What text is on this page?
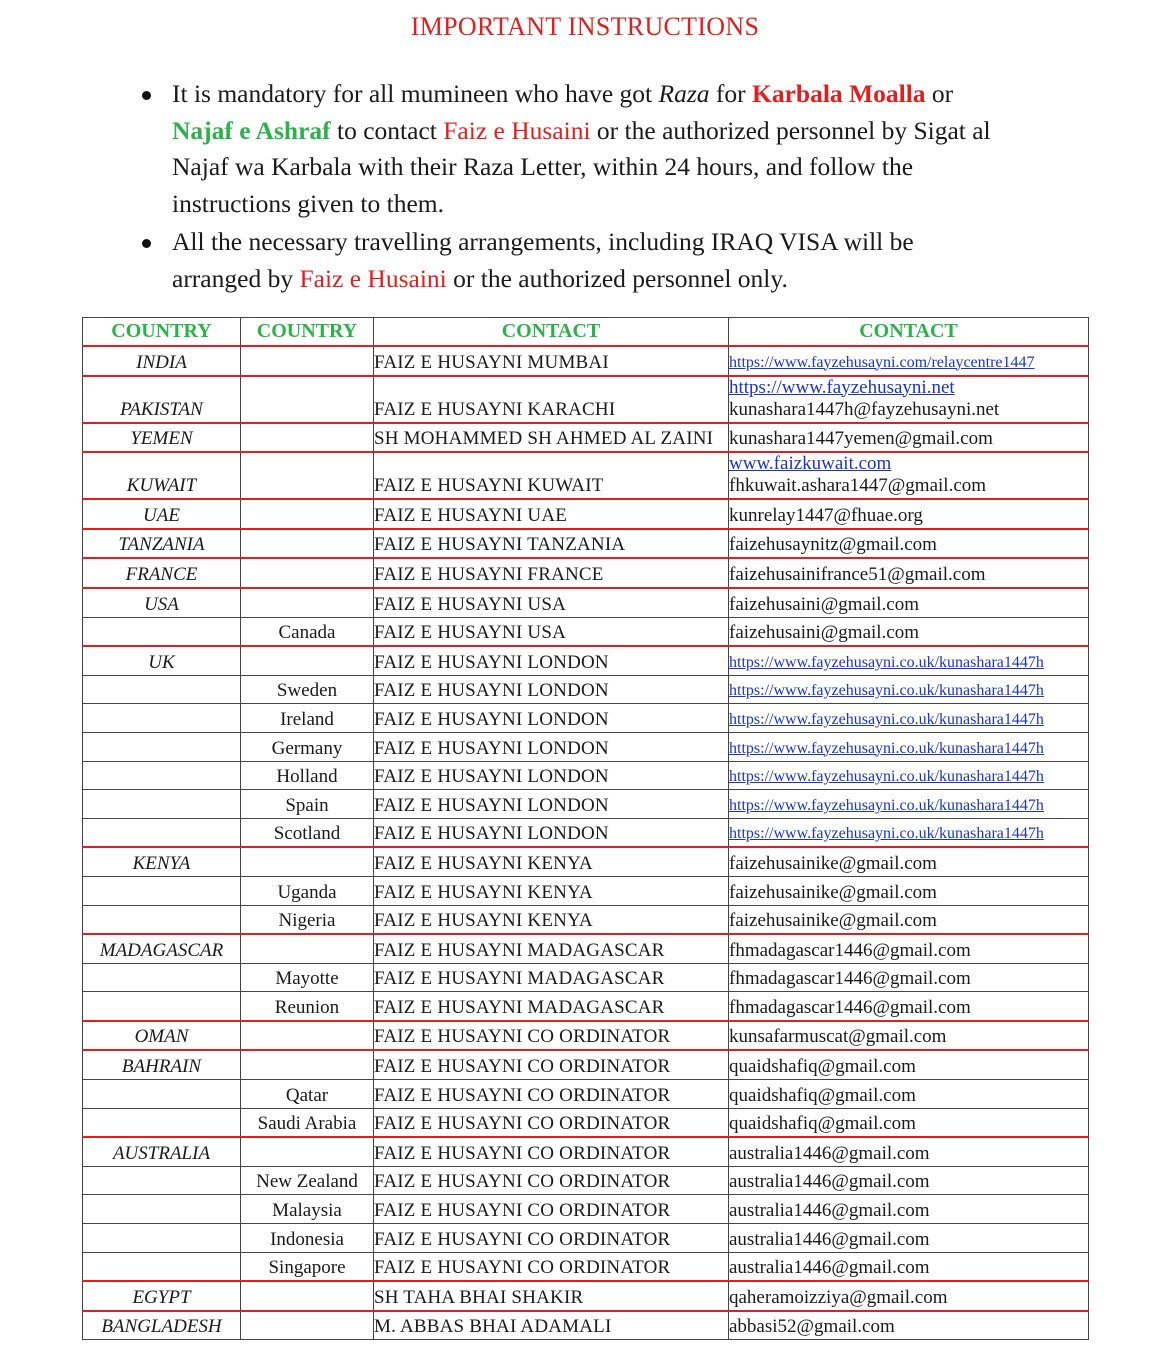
IMPORTANT INSTRUCTIONS
It is mandatory for all mumineen who have got Raza for Karbala Moalla or Najaf e Ashraf to contact Faiz e Husaini or the authorized personnel by Sigat al Najaf wa Karbala with their Raza Letter, within 24 hours, and follow the instructions given to them.
All the necessary travelling arrangements, including IRAQ VISA will be arranged by Faiz e Husaini or the authorized personnel only.
COUNTRY	COUNTRY	CONTACT	CONTACT
INDIA		FAIZ E HUSAYNI MUMBAI	https://www.fayzehusayni.com/relaycentre1447

PAKISTAN		FAIZ E HUSAYNI KARACHI	https://www.fayzehusayni.net
kunashara1447h@fayzehusayni.net

YEMEN		SH MOHAMMED SH AHMED AL ZAINI	kunashara1447yemen@gmail.com

KUWAIT		FAIZ E HUSAYNI KUWAIT	www.faizkuwait.com
fhkuwait.ashara1447@gmail.com

UAE		FAIZ E HUSAYNI UAE	kunrelay1447@fhuae.org

TANZANIA		FAIZ E HUSAYNI TANZANIA	faizehusaynitz@gmail.com

FRANCE		FAIZ E HUSAYNI FRANCE	faizehusainifrance51@gmail.com

USA		FAIZ E HUSAYNI USA	faizehusaini@gmail.com

	Canada	FAIZ E HUSAYNI USA	faizehusaini@gmail.com

UK		FAIZ E HUSAYNI LONDON	https://www.fayzehusayni.co.uk/kunashara1447h

	Sweden	FAIZ E HUSAYNI LONDON	https://www.fayzehusayni.co.uk/kunashara1447h

	Ireland	FAIZ E HUSAYNI LONDON	https://www.fayzehusayni.co.uk/kunashara1447h

	Germany	FAIZ E HUSAYNI LONDON	https://www.fayzehusayni.co.uk/kunashara1447h

	Holland	FAIZ E HUSAYNI LONDON	https://www.fayzehusayni.co.uk/kunashara1447h

	Spain	FAIZ E HUSAYNI LONDON	https://www.fayzehusayni.co.uk/kunashara1447h

	Scotland	FAIZ E HUSAYNI LONDON	https://www.fayzehusayni.co.uk/kunashara1447h

KENYA		FAIZ E HUSAYNI KENYA	faizehusainike@gmail.com

	Uganda	FAIZ E HUSAYNI KENYA	faizehusainike@gmail.com

	Nigeria	FAIZ E HUSAYNI KENYA	faizehusainike@gmail.com

MADAGASCAR		FAIZ E HUSAYNI MADAGASCAR	fhmadagascar1446@gmail.com

	Mayotte	FAIZ E HUSAYNI MADAGASCAR	fhmadagascar1446@gmail.com

	Reunion	FAIZ E HUSAYNI MADAGASCAR	fhmadagascar1446@gmail.com

OMAN		FAIZ E HUSAYNI CO ORDINATOR	kunsafarmuscat@gmail.com

BAHRAIN		FAIZ E HUSAYNI CO ORDINATOR	quaidshafiq@gmail.com

	Qatar	FAIZ E HUSAYNI CO ORDINATOR	quaidshafiq@gmail.com

	Saudi Arabia	FAIZ E HUSAYNI CO ORDINATOR	quaidshafiq@gmail.com

AUSTRALIA		FAIZ E HUSAYNI CO ORDINATOR	australia1446@gmail.com

	New Zealand	FAIZ E HUSAYNI CO ORDINATOR	australia1446@gmail.com

	Malaysia	FAIZ E HUSAYNI CO ORDINATOR	australia1446@gmail.com

	Indonesia	FAIZ E HUSAYNI CO ORDINATOR	australia1446@gmail.com

	Singapore	FAIZ E HUSAYNI CO ORDINATOR	australia1446@gmail.com

EGYPT		SH TAHA BHAI SHAKIR	qaheramoizziya@gmail.com

BANGLADESH		M. ABBAS BHAI ADAMALI	abbasi52@gmail.com
